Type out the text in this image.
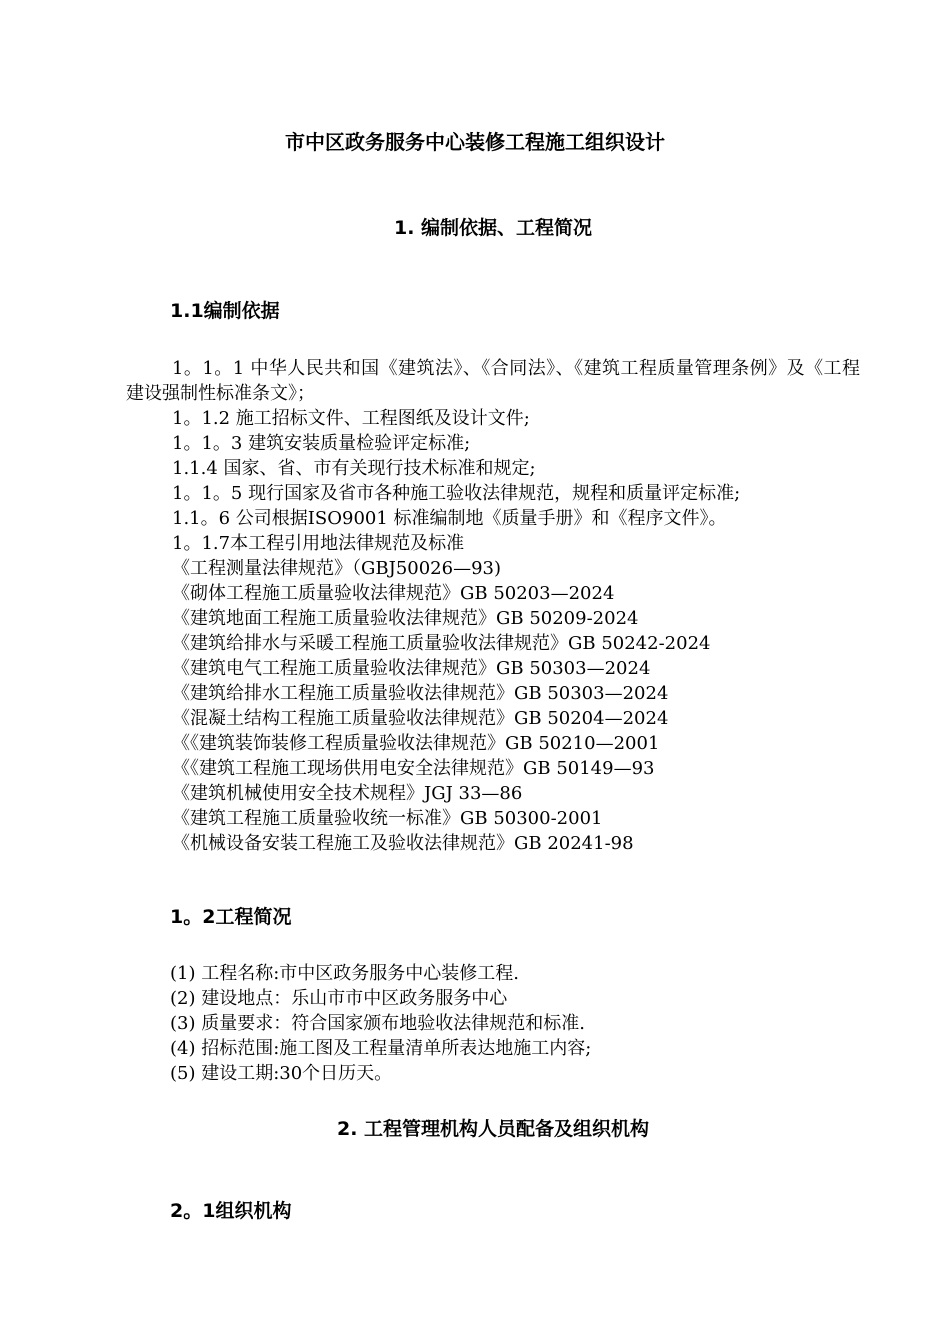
市中区政务服务中心装修工程施工组织设计
1. 编制依据、工程简况
1.1编制依据

1。1。1 中华人民共和国《建筑法》、《合同法》、《建筑工程质量管理条例》及《工程建设强制性标准条文》；

1。1.2 施工招标文件、工程图纸及设计文件;

1。1。3 建筑安装质量检验评定标准;

1.1.4 国家、省、市有关现行技术标准和规定;

1。1。5 现行国家及省市各种施工验收法律规范，规程和质量评定标准;

1.1。6 公司根据ISO9001 标准编制地《质量手册》和《程序文件》。

1。1.7本工程引用地法律规范及标准

《工程测量法律规范》（GBJ50026—93)

《砌体工程施工质量验收法律规范》GB 50203—2024

《建筑地面工程施工质量验收法律规范》GB 50209-2024

《建筑给排水与采暖工程施工质量验收法律规范》GB 50242-2024

《建筑电气工程施工质量验收法律规范》GB 50303—2024

《建筑给排水工程施工质量验收法律规范》GB 50303—2024

《混凝土结构工程施工质量验收法律规范》GB 50204—2024

《《建筑装饰装修工程质量验收法律规范》GB 50210—2001

《《建筑工程施工现场供用电安全法律规范》GB 50149—93

《建筑机械使用安全技术规程》JGJ 33—86

《建筑工程施工质量验收统一标准》GB 50300-2001

《机械设备安装工程施工及验收法律规范》GB 20241-98

1。2工程简况

(1) 工程名称:市中区政务服务中心装修工程.

(2) 建设地点：乐山市市中区政务服务中心

(3) 质量要求：符合国家颁布地验收法律规范和标准.

(4) 招标范围:施工图及工程量清单所表达地施工内容;

(5) 建设工期:30个日历天。

2. 工程管理机构人员配备及组织机构
2。1组织机构
